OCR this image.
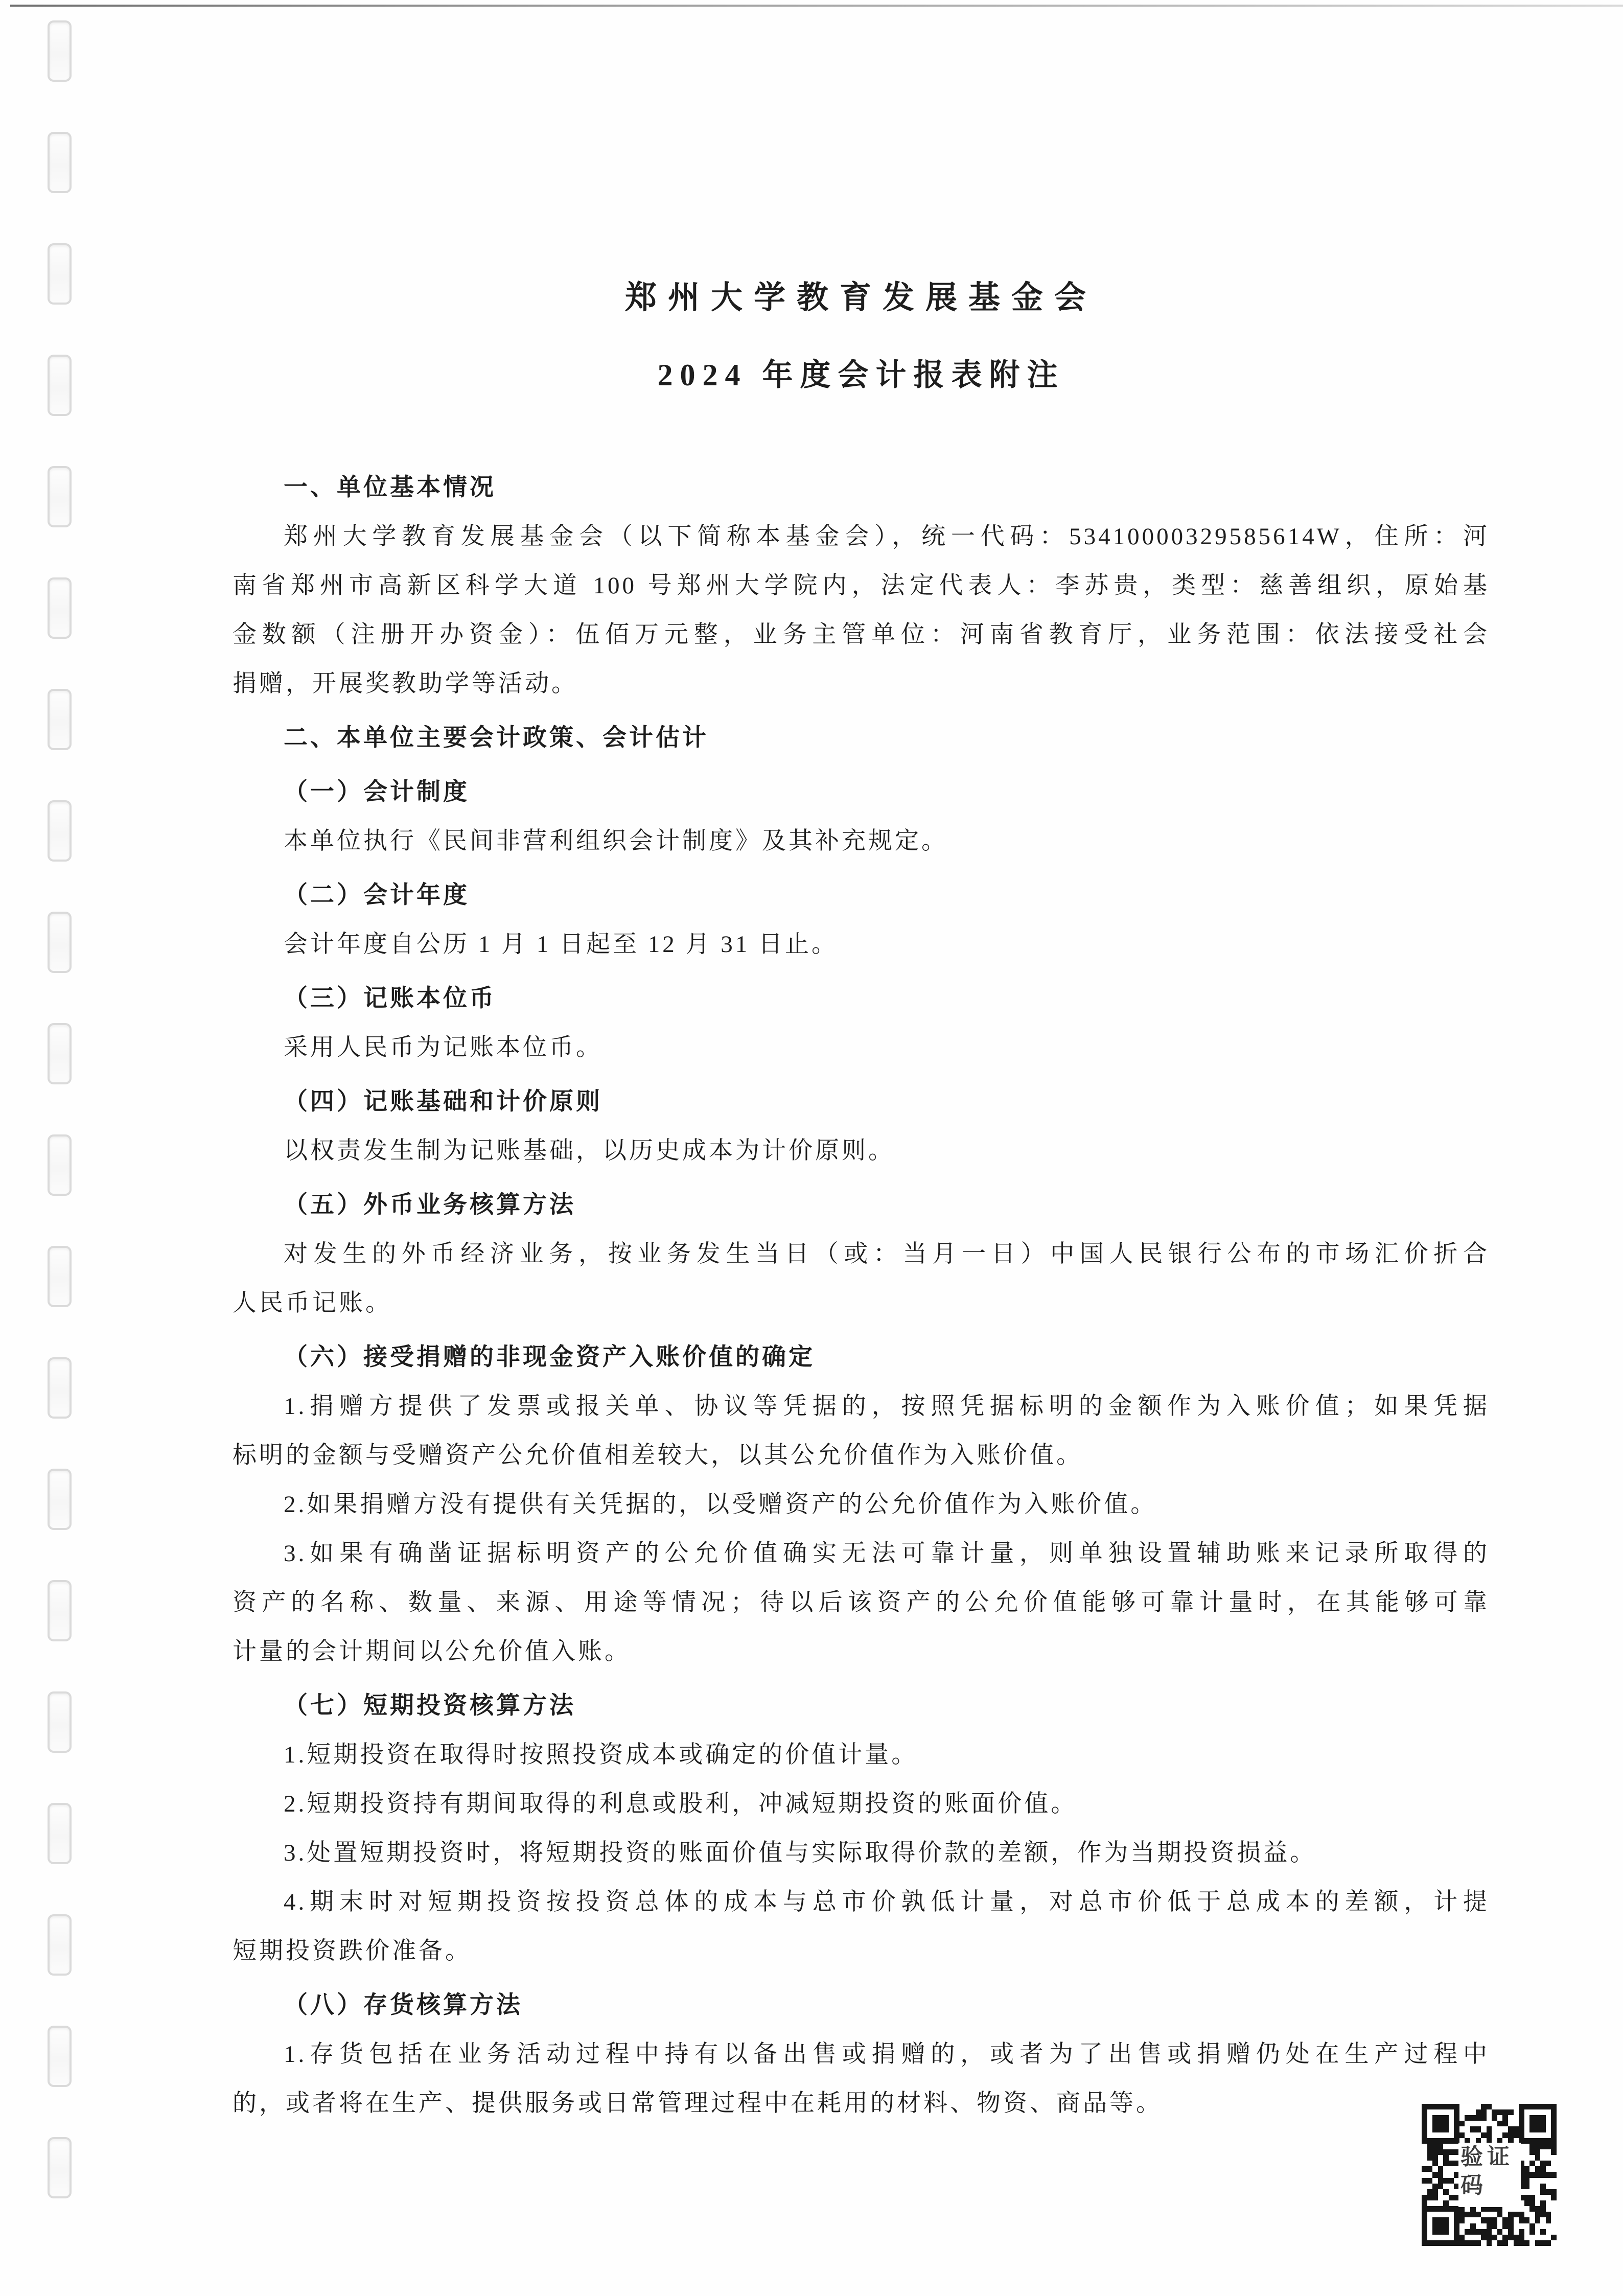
郑州大学教育发展基金会
2024 年度会计报表附注
一、单位基本情况
郑州大学教育发展基金会（以下简称本基金会），统一代码：53410000329585614W，住所：河
南省郑州市高新区科学大道 100 号郑州大学院内，法定代表人：李苏贵，类型：慈善组织，原始基
金数额（注册开办资金）：伍佰万元整，业务主管单位：河南省教育厅，业务范围：依法接受社会
捐赠，开展奖教助学等活动。
二、本单位主要会计政策、会计估计
（一）会计制度
本单位执行《民间非营利组织会计制度》及其补充规定。
（二）会计年度
会计年度自公历 1 月 1 日起至 12 月 31 日止。
（三）记账本位币
采用人民币为记账本位币。
（四）记账基础和计价原则
以权责发生制为记账基础，以历史成本为计价原则。
（五）外币业务核算方法
对发生的外币经济业务，按业务发生当日（或：当月一日）中国人民银行公布的市场汇价折合
人民币记账。
（六）接受捐赠的非现金资产入账价值的确定
1.捐赠方提供了发票或报关单、协议等凭据的，按照凭据标明的金额作为入账价值；如果凭据
标明的金额与受赠资产公允价值相差较大，以其公允价值作为入账价值。
2.如果捐赠方没有提供有关凭据的，以受赠资产的公允价值作为入账价值。
3.如果有确凿证据标明资产的公允价值确实无法可靠计量，则单独设置辅助账来记录所取得的
资产的名称、数量、来源、用途等情况；待以后该资产的公允价值能够可靠计量时，在其能够可靠
计量的会计期间以公允价值入账。
（七）短期投资核算方法
1.短期投资在取得时按照投资成本或确定的价值计量。
2.短期投资持有期间取得的利息或股利，冲减短期投资的账面价值。
3.处置短期投资时，将短期投资的账面价值与实际取得价款的差额，作为当期投资损益。
4.期末时对短期投资按投资总体的成本与总市价孰低计量，对总市价低于总成本的差额，计提
短期投资跌价准备。
（八）存货核算方法
1.存货包括在业务活动过程中持有以备出售或捐赠的，或者为了出售或捐赠仍处在生产过程中
的，或者将在生产、提供服务或日常管理过程中在耗用的材料、物资、商品等。
验证码
